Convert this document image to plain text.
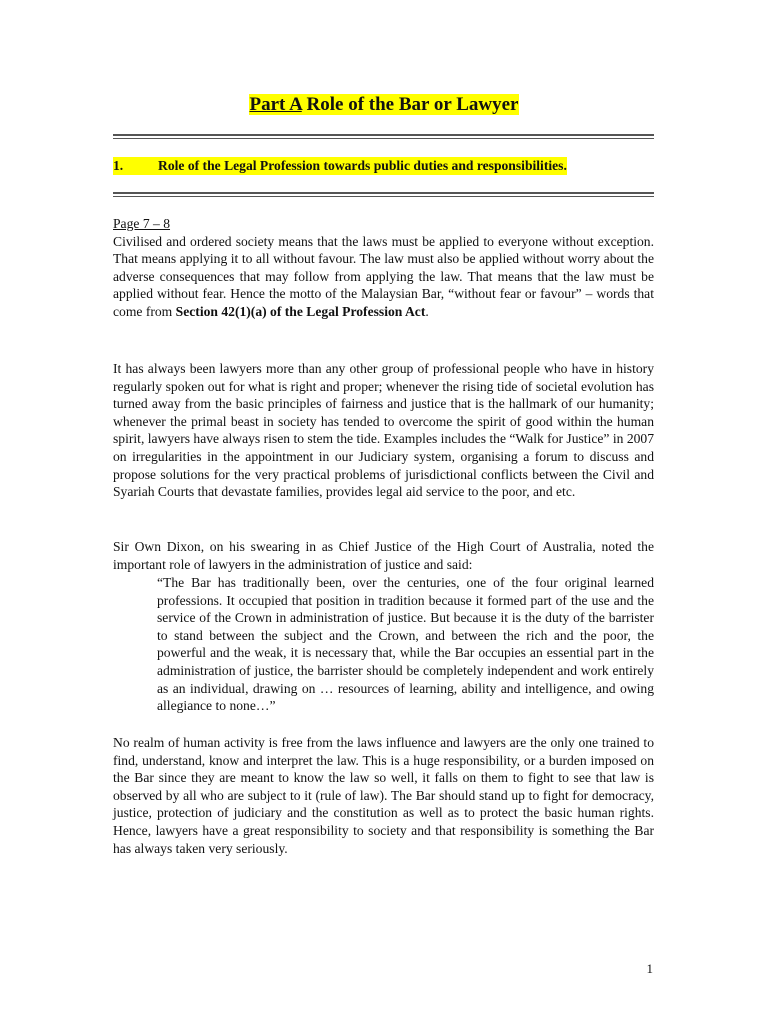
Part A Role of the Bar or Lawyer
1.	Role of the Legal Profession towards public duties and responsibilities.

Page 7 – 8

Civilised and ordered society means that the laws must be applied to everyone without exception. That means applying it to all without favour. The law must also be applied without worry about the adverse consequences that may follow from applying the law. That means that the law must be applied without fear. Hence the motto of the Malaysian Bar, “without fear or favour” – words that come from Section 42(1)(a) of the Legal Profession Act.

It has always been lawyers more than any other group of professional people who have in history regularly spoken out for what is right and proper; whenever the rising tide of societal evolution has turned away from the basic principles of fairness and justice that is the hallmark of our humanity; whenever the primal beast in society has tended to overcome the spirit of good within the human spirit, lawyers have always risen to stem the tide. Examples includes the “Walk for Justice” in 2007 on irregularities in the appointment in our Judiciary system, organising a forum to discuss and propose solutions for the very practical problems of jurisdictional conflicts between the Civil and Syariah Courts that devastate families, provides legal aid service to the poor, and etc.

Sir Own Dixon, on his swearing in as Chief Justice of the High Court of Australia, noted the important role of lawyers in the administration of justice and said:

“The Bar has traditionally been, over the centuries, one of the four original learned professions. It occupied that position in tradition because it formed part of the use and the service of the Crown in administration of justice. But because it is the duty of the barrister to stand between the subject and the Crown, and between the rich and the poor, the powerful and the weak, it is necessary that, while the Bar occupies an essential part in the administration of justice, the barrister should be completely independent and work entirely as an individual, drawing on … resources of learning, ability and intelligence, and owing allegiance to none…”

No realm of human activity is free from the laws influence and lawyers are the only one trained to find, understand, know and interpret the law. This is a huge responsibility, or a burden imposed on the Bar since they are meant to know the law so well, it falls on them to fight to see that law is observed by all who are subject to it (rule of law). The Bar should stand up to fight for democracy, justice, protection of judiciary and the constitution as well as to protect the basic human rights. Hence, lawyers have a great responsibility to society and that responsibility is something the Bar has always taken very seriously.

1
